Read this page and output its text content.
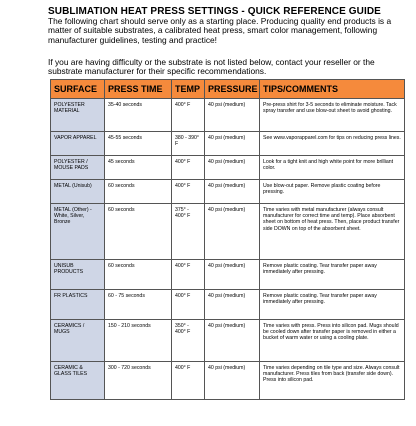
SUBLIMATION HEAT PRESS SETTINGS - QUICK REFERENCE GUIDE
The following chart should serve only as a starting place. Producing quality end products is a matter of suitable substrates, a calibrated heat press, smart color management, following manufacturer guidelines, testing and practice!
If you are having difficulty or the substrate is not listed below, contact your reseller or the substrate manufacturer for their specific recommendations.
SURFACE	PRESS TIME	TEMP	PRESSURE	TIPS/COMMENTS
POLYESTER MATERIAL	35-40 seconds	400° F	40 psi (medium)	Pre-press shirt for 3-5 seconds to eliminate moisture. Tack spray transfer and use blow-out sheet to avoid ghosting.
VAPOR APPAREL	45-55 seconds	380 - 390° F	40 psi (medium)	See www.vaporapparel.com for tips on reducing press lines.
POLYESTER / MOUSE PADS	45 seconds	400° F	40 psi (medium)	Look for a tight knit and high white point for more brilliant color.
METAL (Unisub)	60 seconds	400° F	40 psi (medium)	Use blow-out paper. Remove plastic coating before pressing.
METAL (Other) - White, Silver, Bronze	60 seconds	375° - 400° F	40 psi (medium)	Time varies with metal manufacturer (always consult manufacturer for correct time and temp). Place absorbent sheet on bottom of heat press. Then, place product transfer side DOWN on top of the absorbent sheet.
UNISUB PRODUCTS	60 seconds	400° F	40 psi (medium)	Remove plastic coating. Tear transfer paper away immediately after pressing.
FR PLASTICS	60 - 75 seconds	400° F	40 psi (medium)	Remove plastic coating. Tear transfer paper away immediately after pressing.
CERAMICS / MUGS	150 - 210 seconds	350° - 400° F	40 psi (medium)	Time varies with press. Press into silicon pad. Mugs should be cooled down after transfer paper is removed in either a bucket of warm water or using a cooling plate.
CERAMIC & GLASS TILES	300 - 720 seconds	400° F	40 psi (medium)	Time varies depending on tile type and size. Always consult manufacturer. Press tiles from back (transfer side down). Press into silicon pad.
